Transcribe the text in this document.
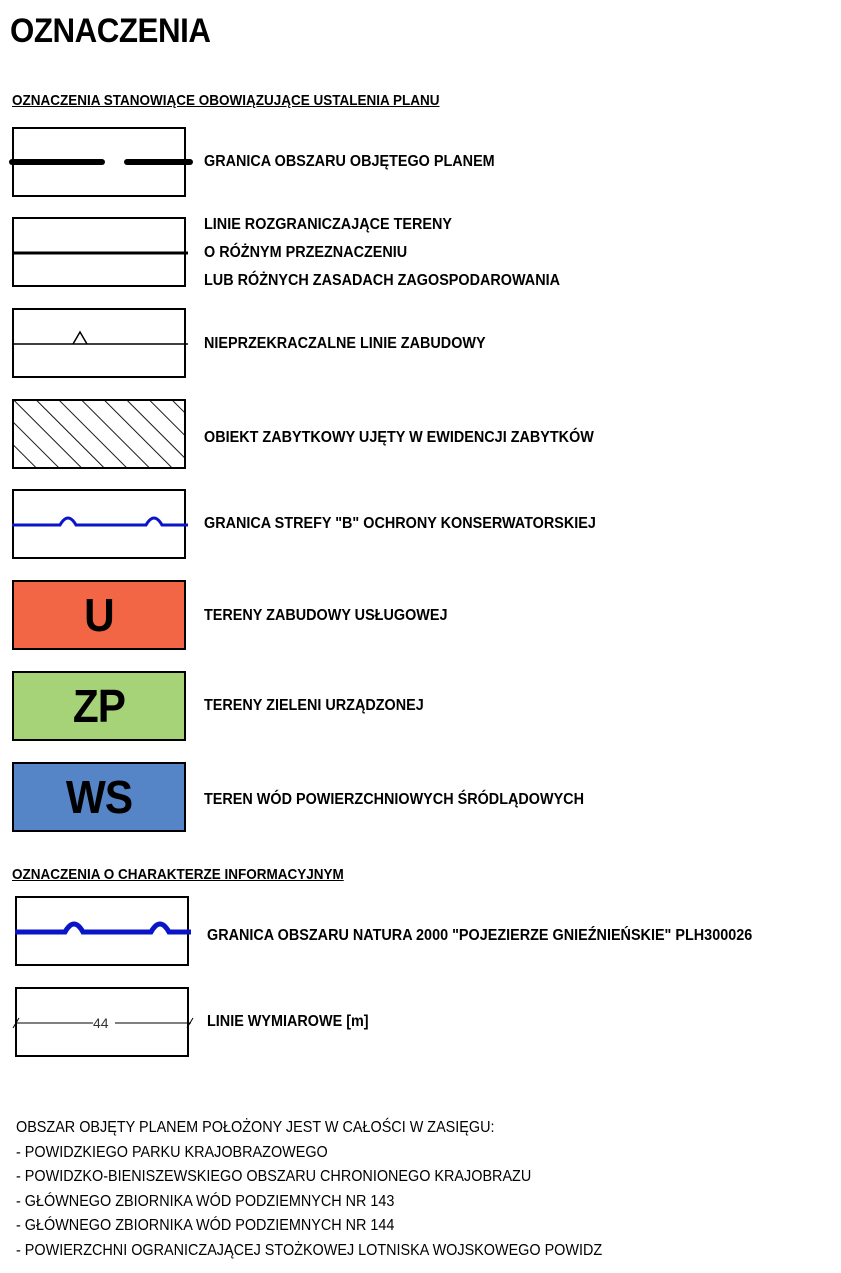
OZNACZENIA
OZNACZENIA STANOWIĄCE OBOWIĄZUJĄCE USTALENIA PLANU
GRANICA OBSZARU OBJĘTEGO PLANEM
LINIE ROZGRANICZAJĄCE TERENY
O RÓŻNYM PRZEZNACZENIU
LUB RÓŻNYCH ZASADACH ZAGOSPODAROWANIA
NIEPRZEKRACZALNE LINIE ZABUDOWY
OBIEKT ZABYTKOWY UJĘTY W EWIDENCJI ZABYTKÓW
GRANICA STREFY "B" OCHRONY KONSERWATORSKIEJ
U	TERENY ZABUDOWY USŁUGOWEJ
ZP	TERENY ZIELENI URZĄDZONEJ
WS	TEREN WÓD POWIERZCHNIOWYCH ŚRÓDLĄDOWYCH
OZNACZENIA O CHARAKTERZE INFORMACYJNYM
GRANICA OBSZARU NATURA 2000 "POJEZIERZE GNIEŹNIEŃSKIE" PLH300026
44	LINIE WYMIAROWE [m]
OBSZAR OBJĘTY PLANEM POŁOŻONY JEST W CAŁOŚCI W ZASIĘGU:
- POWIDZKIEGO PARKU KRAJOBRAZOWEGO
- POWIDZKO-BIENISZEWSKIEGO OBSZARU CHRONIONEGO KRAJOBRAZU
- GŁÓWNEGO ZBIORNIKA WÓD PODZIEMNYCH NR 143
- GŁÓWNEGO ZBIORNIKA WÓD PODZIEMNYCH NR 144
- POWIERZCHNI OGRANICZAJĄCEJ STOŻKOWEJ LOTNISKA WOJSKOWEGO POWIDZ
